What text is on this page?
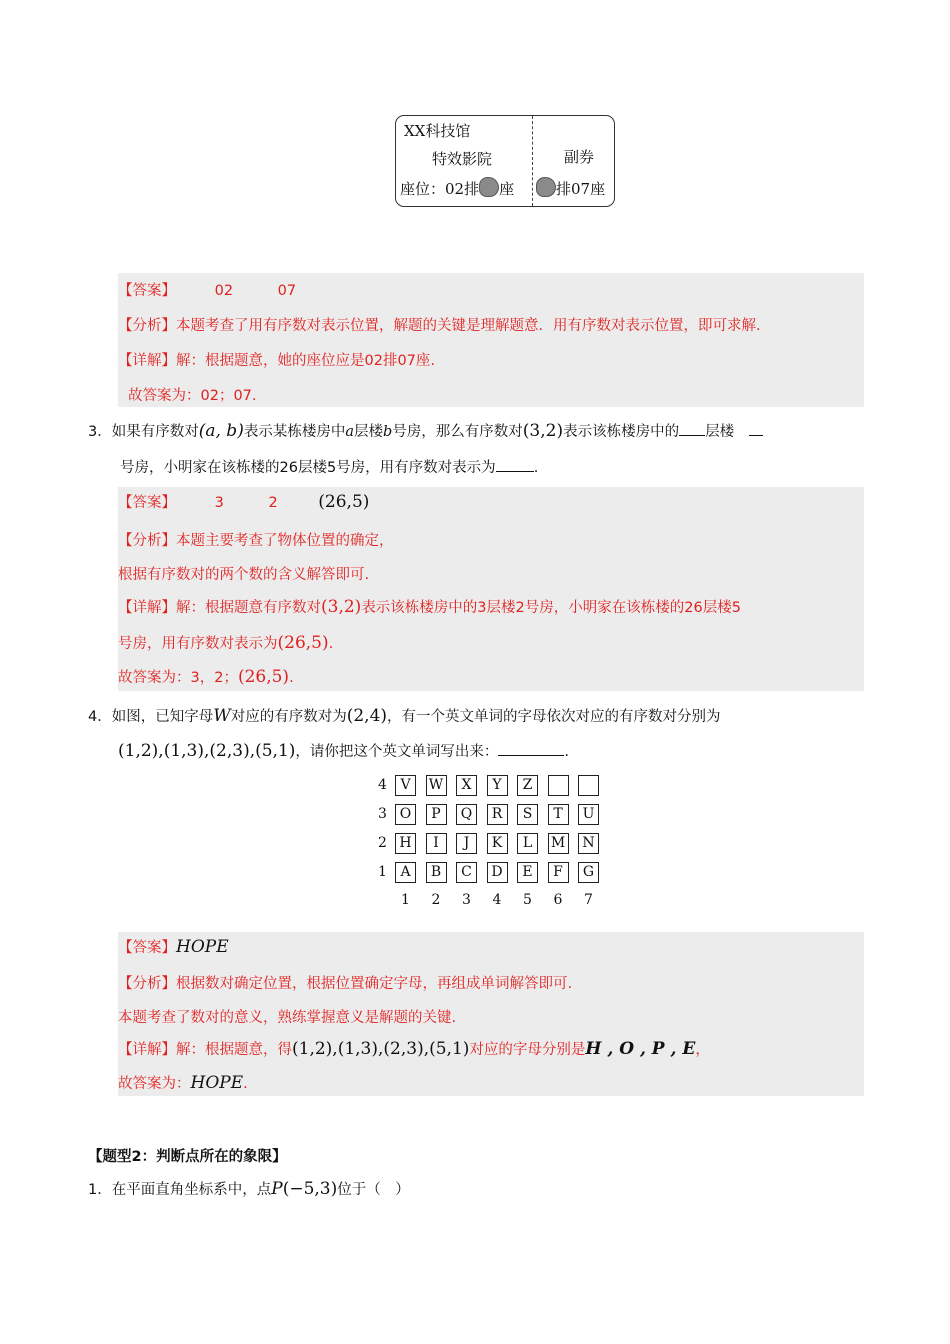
XX科技馆
特效影院
座位：02排 座
副券
排07座
【答案】	02	07
【分析】本题考查了用有序数对表示位置，解题的关键是理解题意．用有序数对表示位置，即可求解.
【详解】解：根据题意，她的座位应是02排07座.
故答案为：02；07.
3．如果有序数对(a, b)表示某栋楼房中a层楼b号房，那么有序数对(3,2)表示该栋楼房中的 层楼
号房，小明家在该栋楼的26层楼5号房，用有序数对表示为	.
【答案】	3	2 (26,5)
【分析】本题主要考查了物体位置的确定，
根据有序数对的两个数的含义解答即可.
【详解】解：根据题意有序数对(3,2)表示该栋楼房中的3层楼2号房，小明家在该栋楼的26层楼5
号房，用有序数对表示为(26,5).
故答案为：3，2；(26,5).
4．如图，已知字母W对应的有序数对为(2,4)，有一个英文单词的字母依次对应的有序数对分别为
(1,2),(1,3),(2,3),(5,1)，请你把这个英文单词写出来：	.
4 V	W	X	Y	Z
3 O	P	Q	R	S	T	U
2 H	I	J	K	L	M	N
1 A	B	C	D	E	F	G
1 2 3 4 5 6 7
【答案】HOPE
【分析】根据数对确定位置，根据位置确定字母，再组成单词解答即可.
本题考查了数对的意义，熟练掌握意义是解题的关键.
【详解】解：根据题意，得(1,2),(1,3),(2,3),(5,1)对应的字母分别是H , O , P , E，
故答案为：HOPE.
【题型2：判断点所在的象限】
1．在平面直角坐标系中，点P(−5,3)位于（　）
